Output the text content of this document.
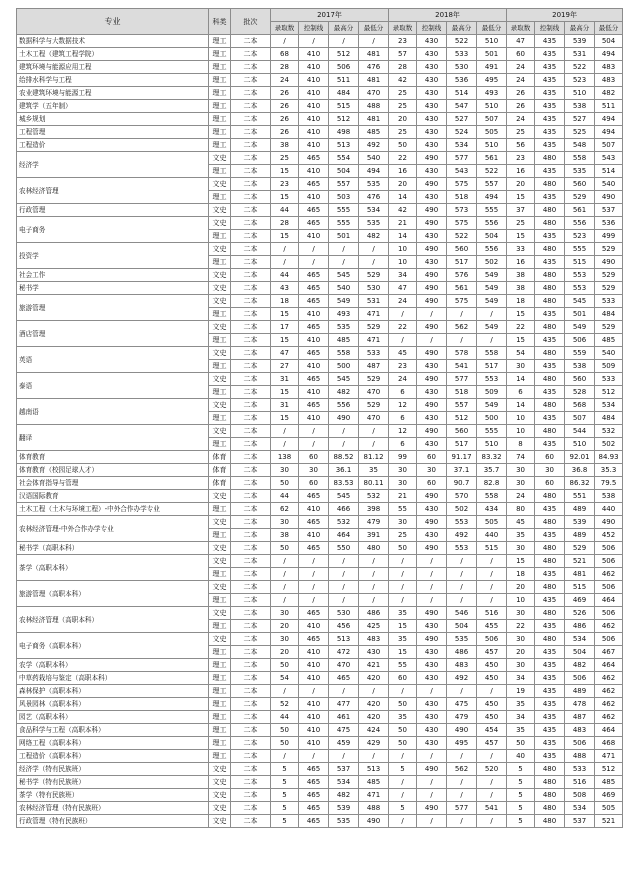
专业	科类	批次	2017年				2018年				2019年			
			录取数	控制线	最高分	最低分	录取数	控制线	最高分	最低分	录取数	控制线	最高分	最低分
数据科学与大数据技术	理工	二本	/	/	/	/	23	430	522	510	47	435	539	504
土木工程（建筑工程学院）	理工	二本	68	410	512	481	57	430	533	501	60	435	531	494
建筑环境与能源应用工程	理工	二本	28	410	506	476	28	430	530	491	24	435	522	483
给排水科学与工程	理工	二本	24	410	511	481	42	430	536	495	24	435	523	483
农业建筑环境与能源工程	理工	二本	26	410	484	470	25	430	514	493	26	435	510	482
建筑学（五年制）	理工	二本	26	410	515	488	25	430	547	510	26	435	538	511
城乡规划	理工	二本	26	410	512	481	20	430	527	507	24	435	527	494
工程管理	理工	二本	26	410	498	485	25	430	524	505	25	435	525	494
工程造价	理工	二本	38	410	513	492	50	430	534	510	56	435	548	507
经济学	文史	二本	25	465	554	540	22	490	577	561	23	480	558	543
	理工	二本	15	410	504	494	16	430	543	522	16	435	535	514
农林经济管理	文史	二本	23	465	557	535	20	490	575	557	20	480	560	540
	理工	二本	15	410	503	476	14	430	518	494	15	435	529	490
行政管理	文史	二本	44	465	555	534	42	490	573	555	37	480	561	537
电子商务	文史	二本	28	465	555	535	21	490	575	556	25	480	556	536
	理工	二本	15	410	501	482	14	430	522	504	15	435	523	499
投资学	文史	二本	/	/	/	/	10	490	560	556	33	480	555	529
	理工	二本	/	/	/	/	10	430	517	502	16	435	515	490
社会工作	文史	二本	44	465	545	529	34	490	576	549	38	480	553	529
秘书学	文史	二本	43	465	540	530	47	490	561	549	38	480	553	529
旅游管理	文史	二本	18	465	549	531	24	490	575	549	18	480	545	533
	理工	二本	15	410	493	471	/	/	/	/	15	435	501	484
酒店管理	文史	二本	17	465	535	529	22	490	562	549	22	480	549	529
	理工	二本	15	410	485	471	/	/	/	/	15	435	506	485
英语	文史	二本	47	465	558	533	45	490	578	558	54	480	559	540
	理工	二本	27	410	500	487	23	430	541	517	30	435	538	509
泰语	文史	二本	31	465	545	529	24	490	577	553	14	480	560	533
	理工	二本	15	410	482	470	6	430	518	509	6	435	528	512
越南语	文史	二本	31	465	556	529	12	490	557	549	14	480	568	534
	理工	二本	15	410	490	470	6	430	512	500	10	435	507	484
翻译	文史	二本	/	/	/	/	12	490	560	555	10	480	544	532
	理工	二本	/	/	/	/	6	430	517	510	8	435	510	502
体育教育	体育	二本	138	60	88.52	81.12	99	60	91.17	83.32	74	60	92.01	84.93
体育教育（校园足球人才）	体育	二本	30	30	36.1	35	30	30	37.1	35.7	30	30	36.8	35.3
社会体育指导与管理	体育	二本	50	60	83.53	80.11	30	60	90.7	82.8	30	60	86.32	79.5
汉语国际教育	文史	二本	44	465	545	532	21	490	570	558	24	480	551	538
土木工程（土木与环境工程）-中外合作办学专业	理工	二本	62	410	466	398	55	430	502	434	80	435	489	440
农林经济管理-中外合作办学专业	文史	二本	30	465	532	479	30	490	553	505	45	480	539	490
	理工	二本	38	410	464	391	25	430	492	440	35	435	489	452
秘书学（高职本科）	文史	二本	50	465	550	480	50	490	553	515	30	480	529	506
茶学（高职本科）	文史	二本	/	/	/	/	/	/	/	/	15	480	521	506
	理工	二本	/	/	/	/	/	/	/	/	18	435	481	462
旅游管理（高职本科）	文史	二本	/	/	/	/	/	/	/	/	20	480	515	506
	理工	二本	/	/	/	/	/	/	/	/	10	435	469	464
农林经济管理（高职本科）	文史	二本	30	465	530	486	35	490	546	516	30	480	526	506
	理工	二本	20	410	456	425	15	430	504	455	22	435	486	462
电子商务（高职本科）	文史	二本	30	465	513	483	35	490	535	506	30	480	534	506
	理工	二本	20	410	472	430	15	430	486	457	20	435	504	467
农学（高职本科）	理工	二本	50	410	470	421	55	430	483	450	30	435	482	464
中草药栽培与鉴定（高职本科）	理工	二本	54	410	465	420	60	430	492	450	34	435	506	462
森林保护（高职本科）	理工	二本	/	/	/	/	/	/	/	/	19	435	489	462
风景园林（高职本科）	理工	二本	52	410	477	420	50	430	475	450	35	435	478	462
园艺（高职本科）	理工	二本	44	410	461	420	35	430	479	450	34	435	487	462
食品科学与工程（高职本科）	理工	二本	50	410	475	424	50	430	490	454	35	435	483	464
网络工程（高职本科）	理工	二本	50	410	459	429	50	430	495	457	50	435	506	468
工程造价（高职本科）	理工	二本	/	/	/	/	/	/	/	/	40	435	488	471
经济学（特有民族班）	文史	二本	5	465	537	513	5	490	562	520	5	480	533	512
秘书学（特有民族班）	文史	二本	5	465	534	485	/	/	/	/	5	480	516	485
茶学（特有民族班）	文史	二本	5	465	482	471	/	/	/	/	5	480	508	469
农林经济管理（特有民族班）	文史	二本	5	465	539	488	5	490	577	541	5	480	534	505
行政管理（特有民族班）	文史	二本	5	465	535	490	/	/	/	/	5	480	537	521
